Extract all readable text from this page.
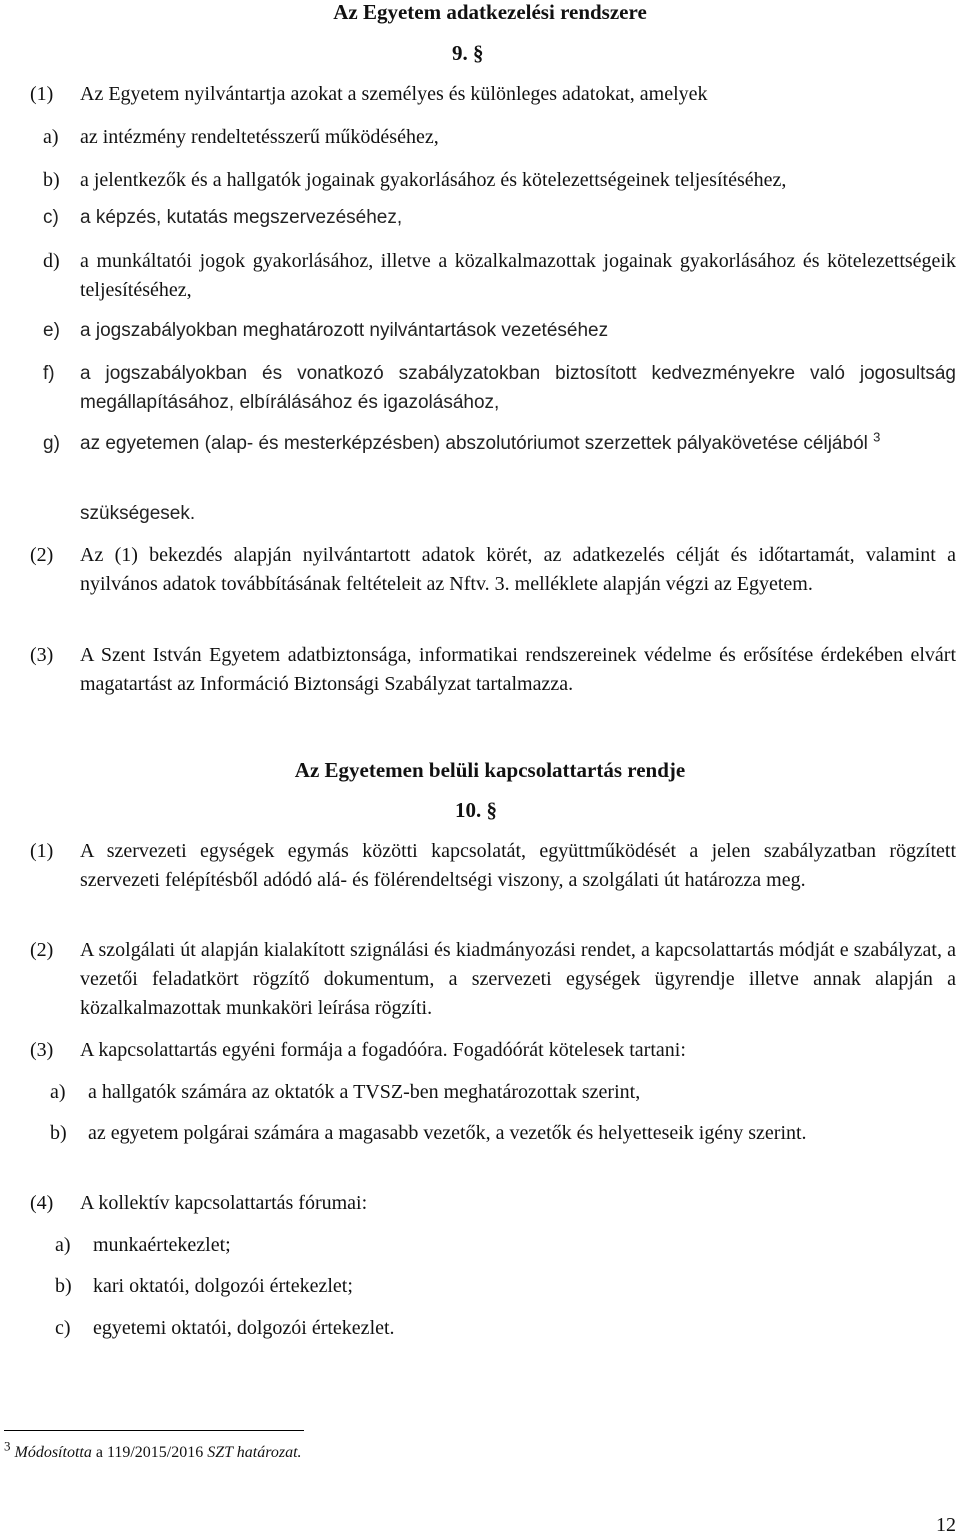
Az Egyetem adatkezelési rendszere
9. §
(1)	Az Egyetem nyilvántartja azokat a személyes és különleges adatokat, amelyek
a)	az intézmény rendeltetésszerű működéséhez,
b)	a jelentkezők és a hallgatók jogainak gyakorlásához és kötelezettségeinek teljesítéséhez,
c)	a képzés, kutatás megszervezéséhez,
d)	a munkáltatói jogok gyakorlásához, illetve a közalkalmazottak jogainak gyakorlásához és kötelezettségeik teljesítéséhez,
e)	a jogszabályokban meghatározott nyilvántartások vezetéséhez
f)	a jogszabályokban és vonatkozó szabályzatokban biztosított kedvezményekre való jogosultság megállapításához, elbírálásához és igazolásához,
g)	az egyetemen (alap- és mesterképzésben) abszolutóriumot szerzettek pályakövetése céljából $^3$
szükségesek.
(2)	Az (1) bekezdés alapján nyilvántartott adatok körét, az adatkezelés célját és időtartamát, valamint a nyilvános adatok továbbításának feltételeit az Nftv. 3. melléklete alapján végzi az Egyetem.
(3)	A Szent István Egyetem adatbiztonsága, informatikai rendszereinek védelme és erősítése érdekében elvárt magatartást az Információ Biztonsági Szabályzat tartalmazza.
Az Egyetemen belüli kapcsolattartás rendje
10. §
(1)	A szervezeti egységek egymás közötti kapcsolatát, együttműködését a jelen szabályzatban rögzített szervezeti felépítésből adódó alá- és fölérendeltségi viszony, a szolgálati út határozza meg.
(2)	A szolgálati út alapján kialakított szignálási és kiadmányozási rendet, a kapcsolattartás módját e szabályzat, a vezetői feladatkört rögzítő dokumentum, a szervezeti egységek ügyrendje illetve annak alapján a közalkalmazottak munkaköri leírása rögzíti.
(3)	A kapcsolattartás egyéni formája a fogadóóra. Fogadóórát kötelesek tartani:
a)	a hallgatók számára az oktatók a TVSZ-ben meghatározottak szerint,
b)	az egyetem polgárai számára a magasabb vezetők, a vezetők és helyetteseik igény szerint.
(4)	A kollektív kapcsolattartás fórumai:
a)	munkaértekezlet;
b)	kari oktatói, dolgozói értekezlet;
c)	egyetemi oktatói, dolgozói értekezlet.
$^3$ Módosította a 119/2015/2016 SZT határozat.
12
